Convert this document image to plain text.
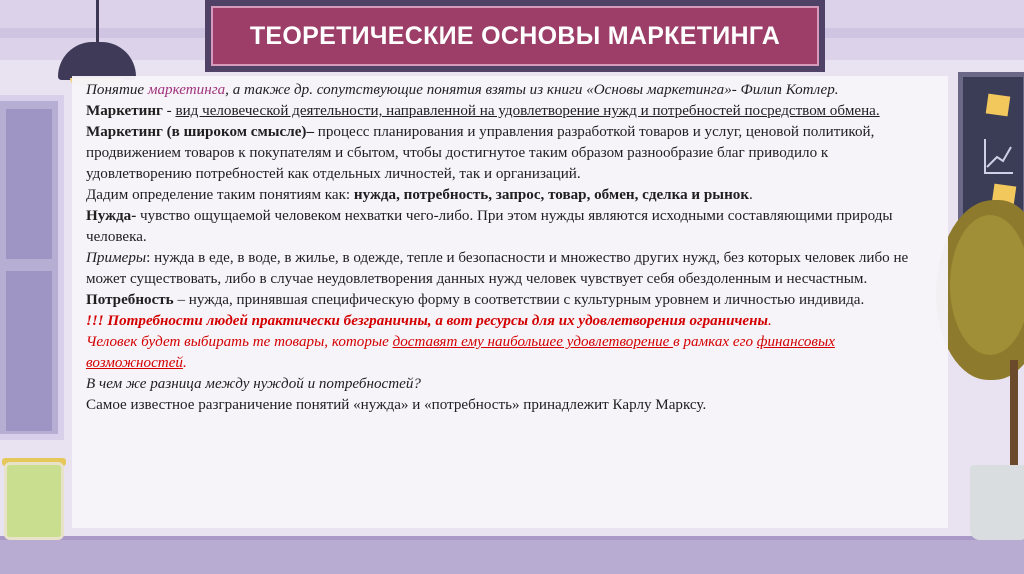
ТЕОРЕТИЧЕСКИЕ ОСНОВЫ МАРКЕТИНГА

Понятие маркетинга, а также др. сопутствующие понятия взяты из книги «Основы маркетинга»- Филип Котлер.

Маркетинг - вид человеческой деятельности, направленной на удовлетворение нужд и потребностей посредством обмена.

Маркетинг (в широком смысле)– процесс планирования и управления разработкой товаров и услуг, ценовой политикой, продвижением товаров к покупателям и сбытом, чтобы достигнутое таким образом разнообразие благ приводило к удовлетворению потребностей как отдельных личностей, так и организаций.

Дадим определение таким понятиям как: нужда, потребность, запрос, товар, обмен, сделка и рынок.

Нужда- чувство ощущаемой человеком нехватки чего-либо. При этом нужды являются исходными составляющими природы человека.

Примеры: нужда в еде, в воде, в жилье, в одежде, тепле и безопасности и множество других нужд, без которых человек либо не может существовать, либо в случае неудовлетворения данных нужд человек чувствует себя обездоленным и несчастным.

Потребность – нужда, принявшая специфическую форму в соответствии с культурным уровнем и личностью индивида.

!!! Потребности людей практически безграничны, а вот ресурсы для их удовлетворения ограничены.

Человек будет выбирать те товары, которые доставят ему наибольшее удовлетворение в рамках его финансовых возможностей.

В чем же разница между нуждой и потребностей?

Самое известное разграничение понятий «нужда» и «потребность» принадлежит Карлу Марксу.
